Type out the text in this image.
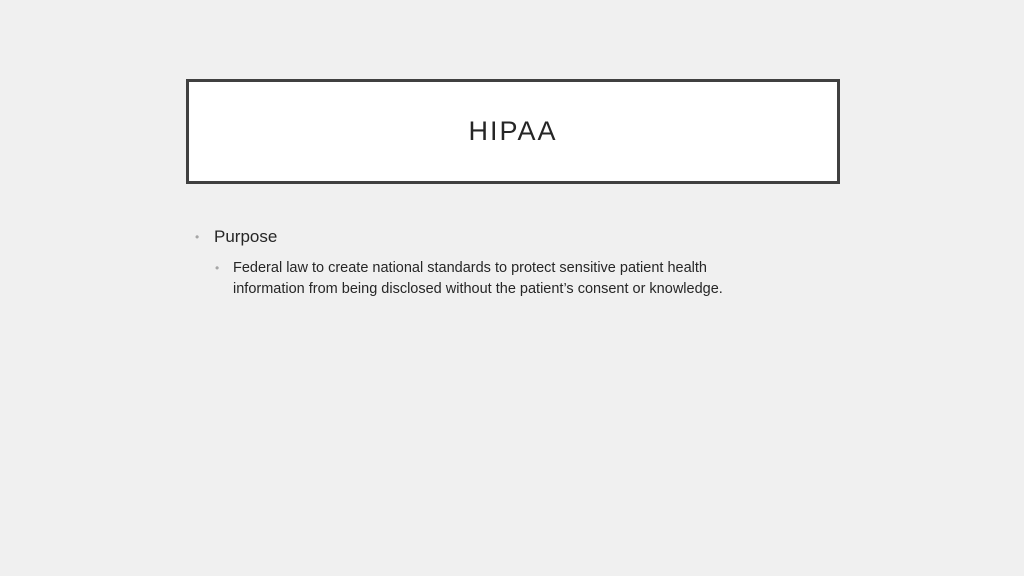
HIPAA
• Purpose
• Federal law to create national standards to protect sensitive patient health information from being disclosed without the patient’s consent or knowledge.
